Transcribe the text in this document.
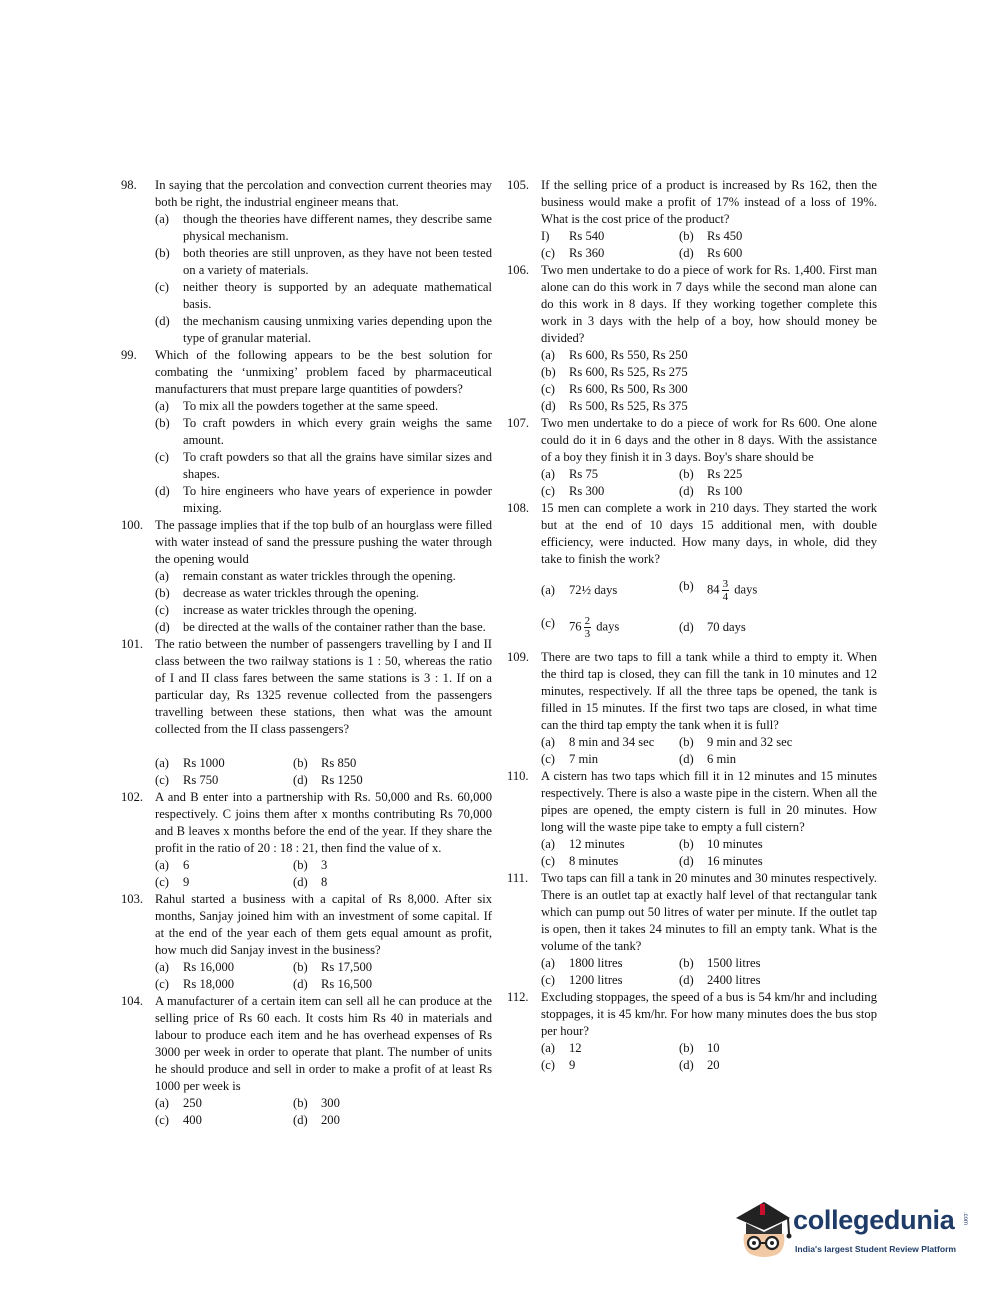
98. In saying that the percolation and convection current theories may both be right, the industrial engineer means that.
(a) though the theories have different names, they describe same physical mechanism.
(b) both theories are still unproven, as they have not been tested on a variety of materials.
(c) neither theory is supported by an adequate mathematical basis.
(d) the mechanism causing unmixing varies depending upon the type of granular material.
99. Which of the following appears to be the best solution for combating the ‘unmixing’ problem faced by pharmaceutical manufacturers that must prepare large quantities of powders?
(a) To mix all the powders together at the same speed.
(b) To craft powders in which every grain weighs the same amount.
(c) To craft powders so that all the grains have similar sizes and shapes.
(d) To hire engineers who have years of experience in powder mixing.
100. The passage implies that if the top bulb of an hourglass were filled with water instead of sand the pressure pushing the water through the opening would
(a) remain constant as water trickles through the opening.
(b) decrease as water trickles through the opening.
(c) increase as water trickles through the opening.
(d) be directed at the walls of the container rather than the base.
101. The ratio between the number of passengers travelling by I and II class between the two railway stations is 1 : 50, whereas the ratio of I and II class fares between the same stations is 3 : 1. If on a particular day, Rs 1325 revenue collected from the passengers travelling between these stations, then what was the amount collected from the II class passengers?
(a) Rs 1000	(b) Rs 850
(c) Rs 750	(d) Rs 1250
102. A and B enter into a partnership with Rs. 50,000 and Rs. 60,000 respectively. C joins them after x months contributing Rs 70,000 and B leaves x months before the end of the year. If they share the profit in the ratio of 20 : 18 : 21, then find the value of x.
(a) 6	(b) 3
(c) 9	(d) 8
103. Rahul started a business with a capital of Rs 8,000. After six months, Sanjay joined him with an investment of some capital. If at the end of the year each of them gets equal amount as profit, how much did Sanjay invest in the business?
(a) Rs 16,000	(b) Rs 17,500
(c) Rs 18,000	(d) Rs 16,500
104. A manufacturer of a certain item can sell all he can produce at the selling price of Rs 60 each. It costs him Rs 40 in materials and labour to produce each item and he has overhead expenses of Rs 3000 per week in order to operate that plant. The number of units he should produce and sell in order to make a profit of at least Rs 1000 per week is
(a) 250	(b) 300
(c) 400	(d) 200
105. If the selling price of a product is increased by Rs 162, then the business would make a profit of 17% instead of a loss of 19%. What is the cost price of the product?
I) Rs 540	(b) Rs 450
(c) Rs 360	(d) Rs 600
106. Two men undertake to do a piece of work for Rs. 1,400. First man alone can do this work in 7 days while the second man alone can do this work in 8 days. If they working together complete this work in 3 days with the help of a boy, how should money be divided?
(a) Rs 600, Rs 550, Rs 250
(b) Rs 600, Rs 525, Rs 275
(c) Rs 600, Rs 500, Rs 300
(d) Rs 500, Rs 525, Rs 375
107. Two men undertake to do a piece of work for Rs 600. One alone could do it in 6 days and the other in 8 days. With the assistance of a boy they finish it in 3 days. Boy's share should be
(a) Rs 75	(b) Rs 225
(c) Rs 300	(d) Rs 100
108. 15 men can complete a work in 210 days. They started the work but at the end of 10 days 15 additional men, with double efficiency, were inducted. How many days, in whole, did they take to finish the work?
(a) 72½ days	(b) $84 \frac{3}{4}$ days
(c) $76 \frac{2}{3}$ days	(d) 70 days
109. There are two taps to fill a tank while a third to empty it. When the third tap is closed, they can fill the tank in 10 minutes and 12 minutes, respectively. If all the three taps be opened, the tank is filled in 15 minutes. If the first two taps are closed, in what time can the third tap empty the tank when it is full?
(a) 8 min and 34 sec	(b) 9 min and 32 sec
(c) 7 min	(d) 6 min
110. A cistern has two taps which fill it in 12 minutes and 15 minutes respectively. There is also a waste pipe in the cistern. When all the pipes are opened, the empty cistern is full in 20 minutes. How long will the waste pipe take to empty a full cistern?
(a) 12 minutes	(b) 10 minutes
(c) 8 minutes	(d) 16 minutes
111. Two taps can fill a tank in 20 minutes and 30 minutes respectively. There is an outlet tap at exactly half level of that rectangular tank which can pump out 50 litres of water per minute. If the outlet tap is open, then it takes 24 minutes to fill an empty tank. What is the volume of the tank?
(a) 1800 litres	(b) 1500 litres
(c) 1200 litres	(d) 2400 litres
112. Excluding stoppages, the speed of a bus is 54 km/hr and including stoppages, it is 45 km/hr. For how many minutes does the bus stop per hour?
(a) 12	(b) 10
(c) 9	(d) 20
collegedunia	.com
India's largest Student Review Platform
